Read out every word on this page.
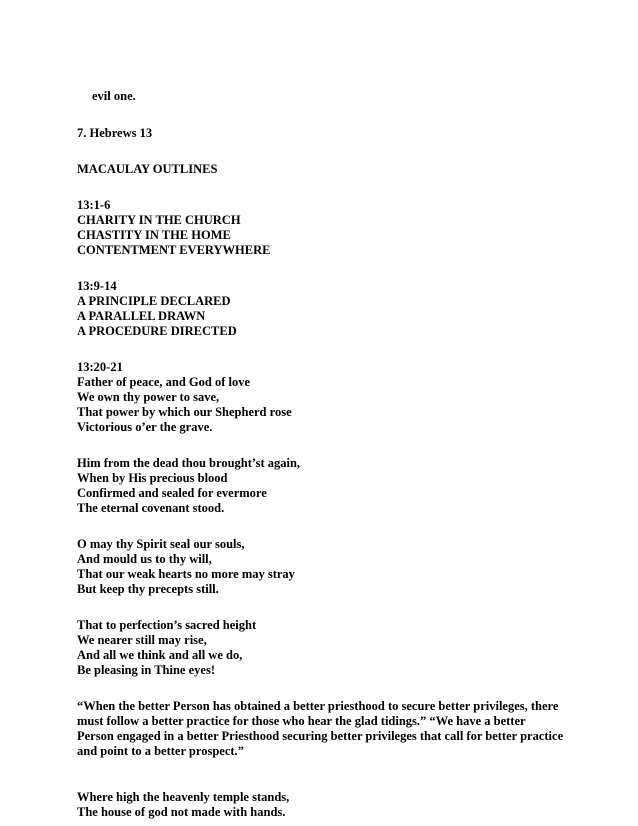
evil one.
7. Hebrews 13
MACAULAY OUTLINES
13:1-6
CHARITY IN THE CHURCH
CHASTITY IN THE HOME
CONTENTMENT EVERYWHERE
13:9-14
A PRINCIPLE DECLARED
A PARALLEL DRAWN
A PROCEDURE DIRECTED
13:20-21
Father of peace, and God of love
We own thy power to save,
That power by which our Shepherd rose
Victorious o’er the grave.
Him from the dead thou brought’st again,
When by His precious blood
Confirmed and sealed for evermore
The eternal covenant stood.
O may thy Spirit seal our souls,
And mould us to thy will,
That our weak hearts no more may stray
But keep thy precepts still.
That to perfection’s sacred height
We nearer still may rise,
And all we think and all we do,
Be pleasing in Thine eyes!
“When the better Person has obtained a better priesthood to secure better privileges, there
must follow a better practice for those who hear the glad tidings.” “We have a better
Person engaged in a better Priesthood securing better privileges that call for better practice
and point to a better prospect.”
Where high the heavenly temple stands,
The house of god not made with hands.
